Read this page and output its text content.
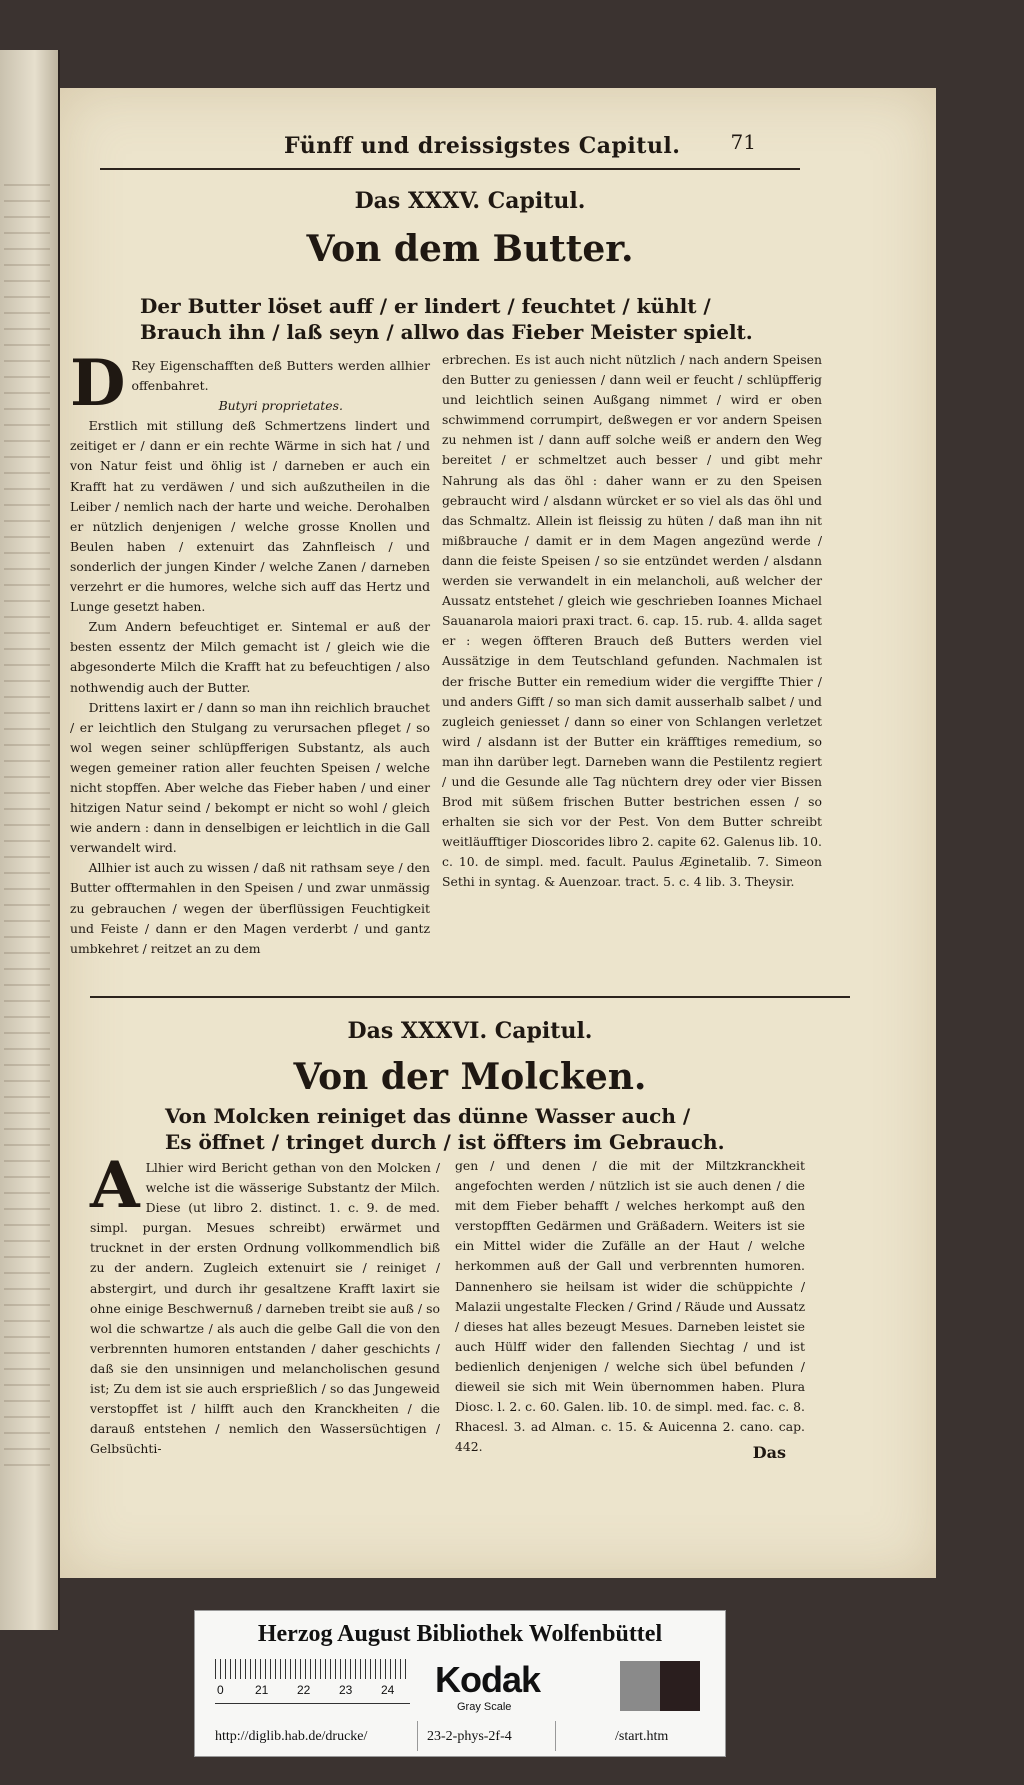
Fünff und dreissigstes Capitul.	71
Das XXXV. Capitul.
Von dem Butter.
Der Butter löset auff / er lindert / feuchtet / kühlt /
Brauch ihn / laß seyn / allwo das Fieber Meister spielt.
D Rey Eigenschafften deß Butters werden allhier offenbahret.

Butyri proprietates.

Erstlich mit stillung deß Schmertzens lindert und zeitiget er / dann er ein rechte Wärme in sich hat / und von Natur feist und öhlig ist / darneben er auch ein Krafft hat zu verdäwen / und sich außzutheilen in die Leiber / nemlich nach der harte und weiche. Derohalben er nützlich denjenigen / welche grosse Knollen und Beulen haben / extenuirt das Zahnfleisch / und sonderlich der jungen Kinder / welche Zanen / darneben verzehrt er die humores, welche sich auff das Hertz und Lunge gesetzt haben.

Zum Andern befeuchtiget er. Sintemal er auß der besten essentz der Milch gemacht ist / gleich wie die abgesonderte Milch die Krafft hat zu befeuchtigen / also nothwendig auch der Butter.

Drittens laxirt er / dann so man ihn reichlich brauchet / er leichtlich den Stulgang zu verursachen pfleget / so wol wegen seiner schlüpfferigen Substantz, als auch wegen gemeiner ration aller feuchten Speisen / welche nicht stopffen. Aber welche das Fieber haben / und einer hitzigen Natur seind / bekompt er nicht so wohl / gleich wie andern : dann in denselbigen er leichtlich in die Gall verwandelt wird.

Allhier ist auch zu wissen / daß nit rathsam seye / den Butter offtermahlen in den Speisen / und zwar unmässig zu gebrauchen / wegen der überflüssigen Feuchtigkeit und Feiste / dann er den Magen verderbt / und gantz umbkehret / reitzet an zu dem

erbrechen. Es ist auch nicht nützlich / nach andern Speisen den Butter zu geniessen / dann weil er feucht / schlüpfferig und leichtlich seinen Außgang nimmet / wird er oben schwimmend corrumpirt, deßwegen er vor andern Speisen zu nehmen ist / dann auff solche weiß er andern den Weg bereitet / er schmeltzet auch besser / und gibt mehr Nahrung als das öhl : daher wann er zu den Speisen gebraucht wird / alsdann würcket er so viel als das öhl und das Schmaltz. Allein ist fleissig zu hüten / daß man ihn nit mißbrauche / damit er in dem Magen angezünd werde / dann die feiste Speisen / so sie entzündet werden / alsdann werden sie verwandelt in ein melancholi, auß welcher der Aussatz entstehet / gleich wie geschrieben Ioannes Michael Sauanarola maiori praxi tract. 6. cap. 15. rub. 4. allda saget er : wegen öffteren Brauch deß Butters werden viel Aussätzige in dem Teutschland gefunden. Nachmalen ist der frische Butter ein remedium wider die vergiffte Thier / und anders Gifft / so man sich damit ausserhalb salbet / und zugleich geniesset / dann so einer von Schlangen verletzet wird / alsdann ist der Butter ein kräfftiges remedium, so man ihn darüber legt. Darneben wann die Pestilentz regiert / und die Gesunde alle Tag nüchtern drey oder vier Bissen Brod mit süßem frischen Butter bestrichen essen / so erhalten sie sich vor der Pest. Von dem Butter schreibt weitläufftiger Dioscorides libro 2. capite 62. Galenus lib. 10. c. 10. de simpl. med. facult. Paulus Æginetalib. 7. Simeon Sethi in syntag. & Auenzoar. tract. 5. c. 4 lib. 3. Theysir.

Das XXXVI. Capitul.
Von der Molcken.
Von Molcken reiniget das dünne Wasser auch /
Es öffnet / tringet durch / ist öffters im Gebrauch.
A Llhier wird Bericht gethan von den Molcken / welche ist die wässerige Substantz der Milch. Diese (ut libro 2. distinct. 1. c. 9. de med. simpl. purgan. Mesues schreibt) erwärmet und trucknet in der ersten Ordnung vollkommendlich biß zu der andern. Zugleich extenuirt sie / reiniget / abstergirt, und durch ihr gesaltzene Krafft laxirt sie ohne einige Beschwernuß / darneben treibt sie auß / so wol die schwartze / als auch die gelbe Gall die von den verbrennten humoren entstanden / daher geschichts / daß sie den unsinnigen und melancholischen gesund ist; Zu dem ist sie auch ersprießlich / so das Jungeweid verstopffet ist / hilfft auch den Kranckheiten / die darauß entstehen / nemlich den Wassersüchtigen / Gelbsüchti-

gen / und denen / die mit der Miltzkranckheit angefochten werden / nützlich ist sie auch denen / die mit dem Fieber behafft / welches herkompt auß den verstopfften Gedärmen und Gräßadern. Weiters ist sie ein Mittel wider die Zufälle an der Haut / welche herkommen auß der Gall und verbrennten humoren. Dannenhero sie heilsam ist wider die schüppichte / Malazii ungestalte Flecken / Grind / Räude und Aussatz / dieses hat alles bezeugt Mesues. Darneben leistet sie auch Hülff wider den fallenden Siechtag / und ist bedienlich denjenigen / welche sich übel befunden / dieweil sie sich mit Wein übernommen haben. Plura Diosc. l. 2. c. 60. Galen. lib. 10. de simpl. med. fac. c. 8. Rhacesl. 3. ad Alman. c. 15. & Auicenna 2. cano. cap. 442.	Das
Herzog August Bibliothek Wolfenbüttel
0	21 22 23 24 Kodak
Gray Scale
http://diglib.hab.de/drucke/	23-2-phys-2f-4	/start.htm
